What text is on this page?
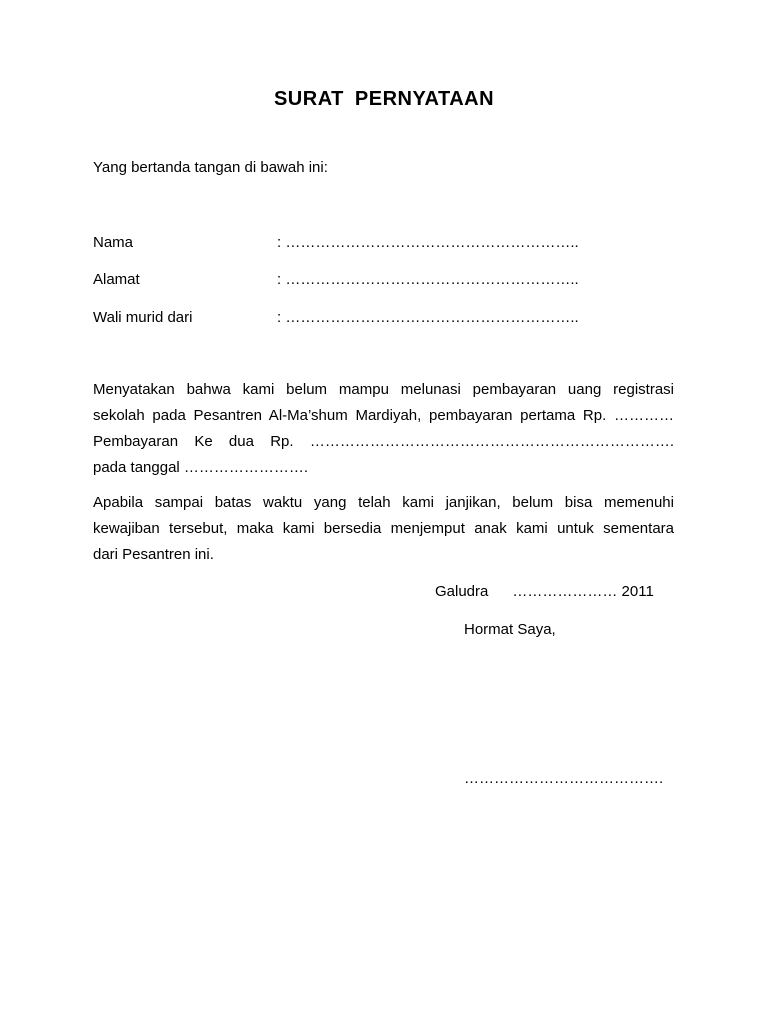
SURAT PERNYATAAN
Yang bertanda tangan di bawah ini:
Nama	: …………………………………………………..
Alamat	: …………………………………………………..
Wali murid dari	: …………………………………………………..
Menyatakan bahwa kami belum mampu melunasi pembayaran uang registrasi
sekolah pada Pesantren Al-Ma’shum Mardiyah, pembayaran pertama Rp. …………
Pembayaran Ke dua Rp. ……………………………………………………………….
pada tanggal …………………….
Apabila sampai batas waktu yang telah kami janjikan, belum bisa memenuhi
kewajiban tersebut, maka kami bersedia menjemput anak kami untuk sementara
dari Pesantren ini.
Galudra ………………… 2011
Hormat Saya,
………………………………….
